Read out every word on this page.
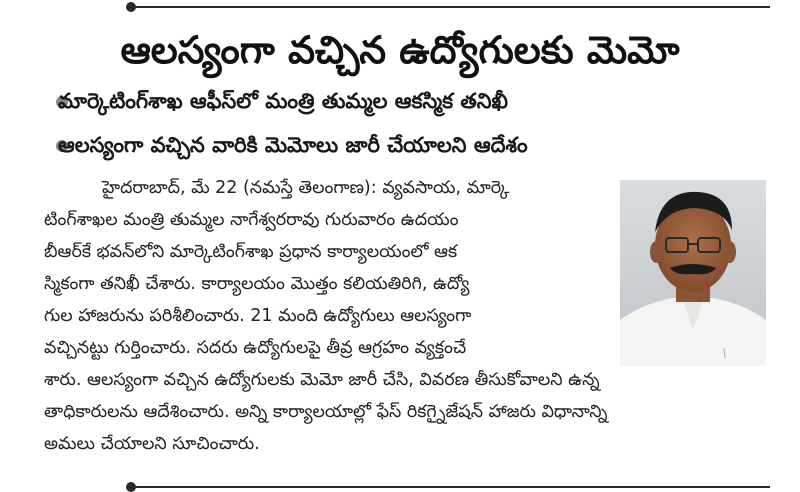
ఆలస్యంగా వచ్చిన ఉద్యోగులకు మెమో
మార్కెటింగ్‌శాఖ ఆఫీస్‌లో మంత్రి తుమ్మల ఆకస్మిక తనిఖీ
ఆలస్యంగా వచ్చిన వారికి మెమోలు జారీ చేయాలని ఆదేశం
హైదరాబాద్, మే 22 (నమస్తే తెలంగాణ): వ్యవసాయ, మార్కె
టింగ్‌శాఖల మంత్రి తుమ్మల నాగేశ్వరరావు గురువారం ఉదయం
బీఆర్‌కే భవన్‌లోని మార్కెటింగ్‌శాఖ ప్రధాన కార్యాలయంలో ఆక
స్మికంగా తనిఖీ చేశారు. కార్యాలయం మొత్తం కలియతిరిగి, ఉద్యో
గుల హాజరును పరిశీలించారు. 21 మంది ఉద్యోగులు ఆలస్యంగా
వచ్చినట్టు గుర్తించారు. సదరు ఉద్యోగులపై తీవ్ర ఆగ్రహం వ్యక్తంచే
శారు. ఆలస్యంగా వచ్చిన ఉద్యోగులకు మెమో జారీ చేసి, వివరణ తీసుకోవాలని ఉన్న
తాధికారులను ఆదేశించారు. అన్ని కార్యాలయాల్లో ఫేస్ రికగ్నైజేషన్ హాజరు విధానాన్ని
అమలు చేయాలని సూచించారు.
